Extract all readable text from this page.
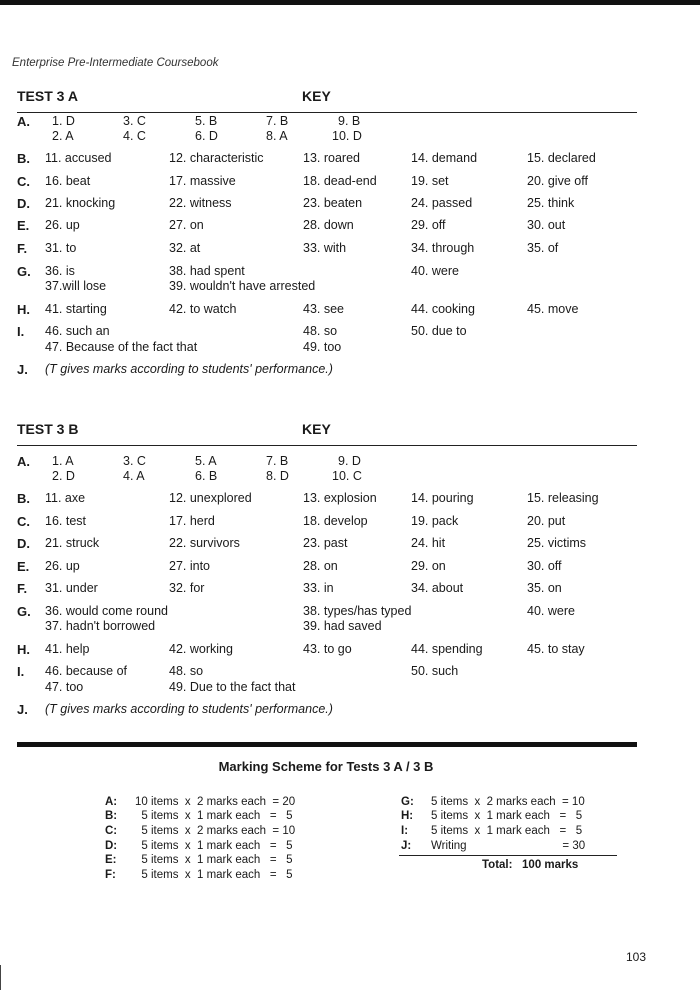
Enterprise Pre-Intermediate Coursebook
TEST 3 A	KEY
A. 1. D	3. C	5. B	7. B	9. B
2. A	4. C	6. D	8. A	10. D
B. 11. accused	12. characteristic	13. roared	14. demand	15. declared
C. 16. beat	17. massive	18. dead-end	19. set	20. give off
D. 21. knocking	22. witness	23. beaten	24. passed	25. think
E. 26. up	27. on	28. down	29. off	30. out
F. 31. to	32. at	33. with	34. through	35. of
G. 36. is	38. had spent	40. were
37.will lose	39. wouldn't have arrested
H. 41. starting	42. to watch	43. see	44. cooking	45. move
I. 46. such an	48. so	50. due to
47. Because of the fact that	49. too
J. (T gives marks according to students' performance.)
TEST 3 B	KEY
A. 1. A	3. C	5. A	7. B	9. D
2. D	4. A	6. B	8. D	10. C
B. 11. axe	12. unexplored	13. explosion	14. pouring	15. releasing
C. 16. test	17. herd	18. develop	19. pack	20. put
D. 21. struck	22. survivors	23. past	24. hit	25. victims
E. 26. up	27. into	28. on	29. on	30. off
F. 31. under	32. for	33. in	34. about	35. on
G. 36. would come round	38. types/has typed	40. were
37. hadn't borrowed	39. had saved
H. 41. help	42. working	43. to go	44. spending	45. to stay
I. 46. because of	48. so	50. such
47. too	49. Due to the fact that
J. (T gives marks according to students' performance.)
Marking Scheme for Tests 3 A / 3 B
A: 10 items  x  2 marks each  = 20
B: 5 items  x  1 mark each   =   5
C: 5 items  x  2 marks each  = 10
D: 5 items  x  1 mark each   =   5
E: 5 items  x  1 mark each   =   5
F: 5 items  x  1 mark each   =   5
G: 5 items  x  2 marks each  = 10
H: 5 items  x  1 mark each   =   5
I: 5 items  x  1 mark each   =   5
J: Writing                              = 30
Total:   100 marks
103
